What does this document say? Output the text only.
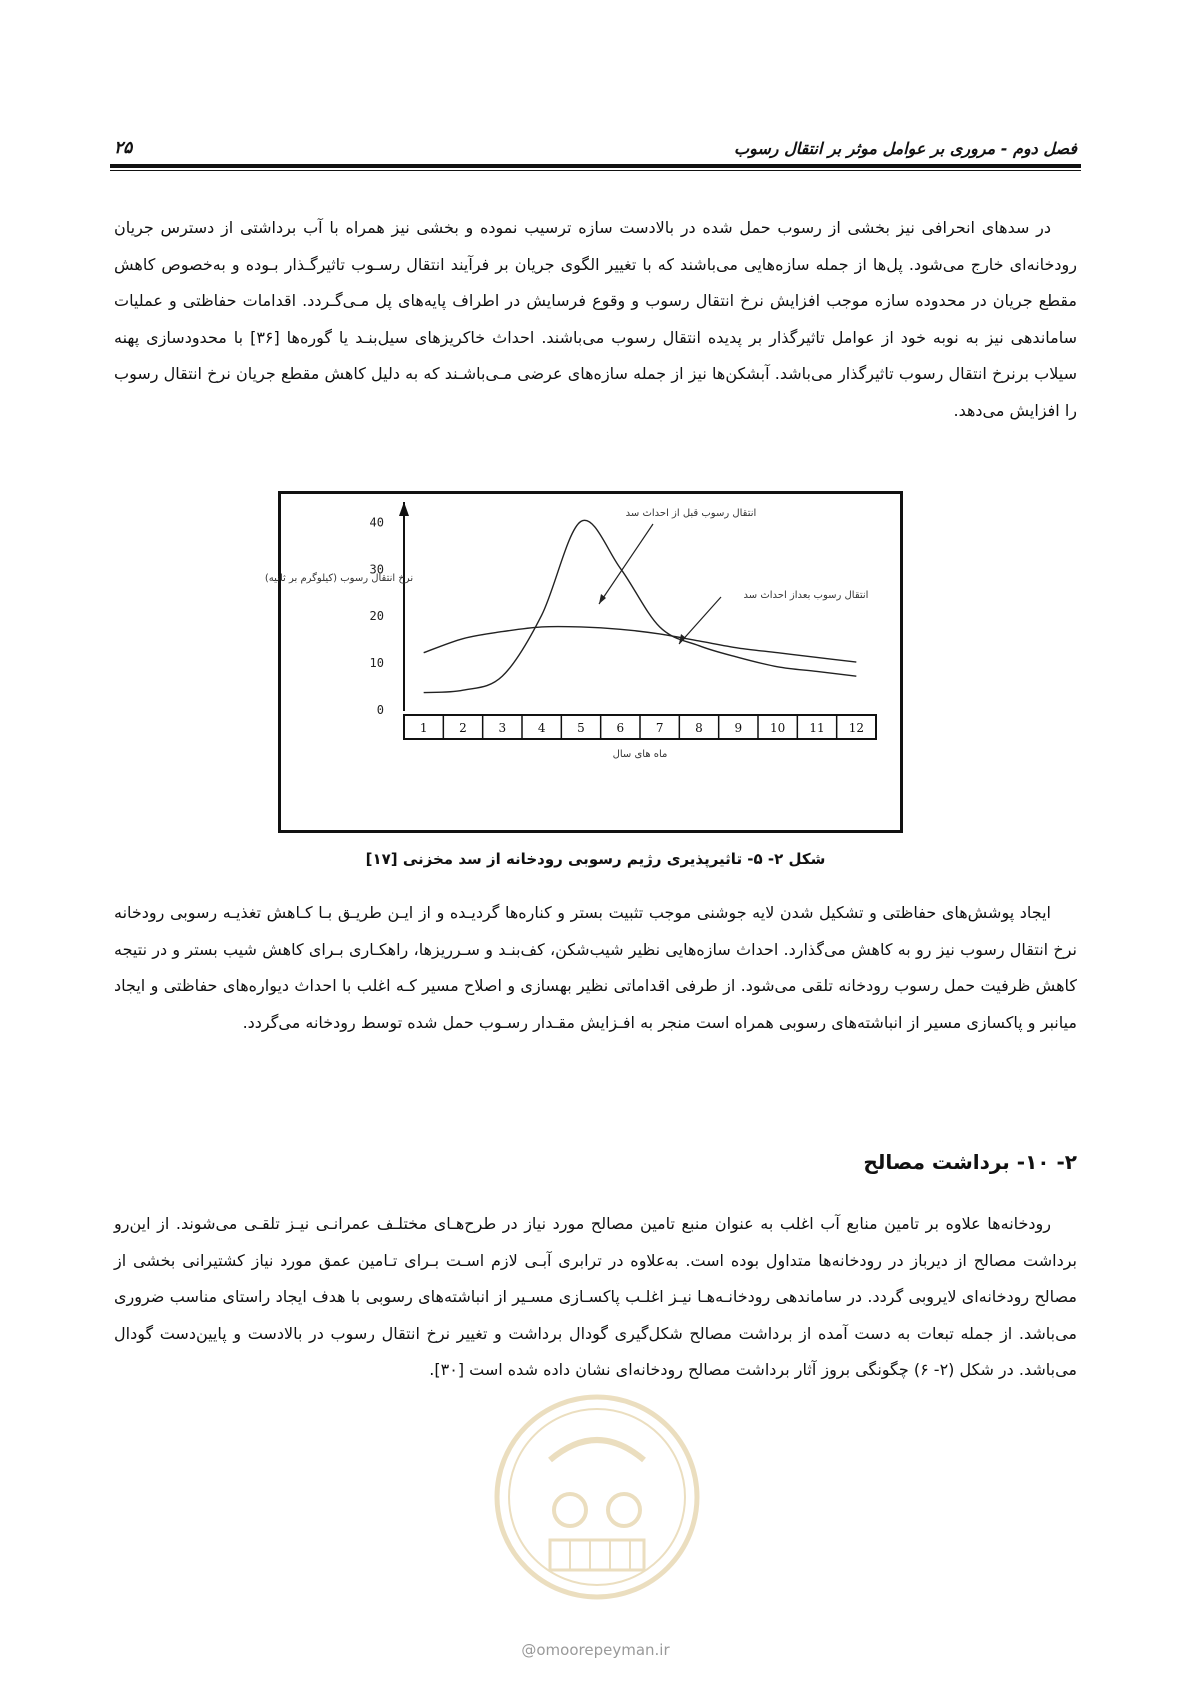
فصل دوم - مروری بر عوامل موثر بر انتقال رسوب
۲۵

در سدهای انحرافی نیز بخشی از رسوب حمل شده در بالادست سازه ترسیب نموده و بخشی نیز همراه با آب برداشتی از دسترس جریان رودخانه‌ای خارج می‌شود. پل‌ها از جمله سازه‌هایی می‌باشند که با تغییر الگوی جریان بر فرآیند انتقال رسـوب تاثیرگـذار بـوده و به‌خصوص کاهش مقطع جریان در محدوده سازه موجب افزایش نرخ انتقال رسوب و وقوع فرسایش در اطراف پایه‌های پل مـی‌گـردد. اقدامات حفاظتی و عملیات ساماندهی نیز به نوبه خود از عوامل تاثیرگذار بر پدیده انتقال رسوب می‌باشند. احداث خاکریزهای سیل‌بنـد یا گوره‌ها [۳۶] با محدودسازی پهنه سیلاب برنرخ انتقال رسوب تاثیرگذار می‌باشد. آبشکن‌ها نیز از جمله سازه‌های عرضی مـی‌باشـند که به دلیل کاهش مقطع جریان نرخ انتقال رسوب را افزایش می‌دهد.

0
10
20
30
40
1	2	3	4	5	6	7	8	9 10 11 12
نرخ انتقال رسوب (کیلوگرم بر ثانیه)
ماه های سال
انتقال رسوب قبل از احداث سد
انتقال رسوب بعداز احداث سد
شکل ۲- ۵- تاثیرپذیری رژیم رسوبی رودخانه از سد مخزنی [۱۷]

ایجاد پوشش‌های حفاظتی و تشکیل شدن لایه جوشنی موجب تثبیت بستر و کناره‌ها گردیـده و از ایـن طریـق بـا کـاهش تغذیـه رسوبی رودخانه نرخ انتقال رسوب نیز رو به کاهش می‌گذارد. احداث سازه‌هایی نظیر شیب‌شکن، کف‌بنـد و سـرریزها، راهکـاری بـرای کاهش شیب بستر و در نتیجه کاهش ظرفیت حمل رسوب رودخانه تلقی می‌شود. از طرفی اقداماتی نظیر بهسازی و اصلاح مسیر کـه اغلب با احداث دیواره‌های حفاظتی و ایجاد میانبر و پاکسازی مسیر از انباشته‌های رسوبی همراه است منجر به افـزایش مقـدار رسـوب حمل شده توسط رودخانه می‌گردد.

۲- ۱۰- برداشت مصالح

رودخانه‌ها علاوه بر تامین منابع آب اغلب به عنوان منبع تامین مصالح مورد نیاز در طرح‌هـای مختلـف عمرانـی نیـز تلقـی می‌شوند. از این‌رو برداشت مصالح از دیرباز در رودخانه‌ها متداول بوده است. به‌علاوه در ترابری آبـی لازم اسـت بـرای تـامین عمق مورد نیاز کشتیرانی بخشی از مصالح رودخانه‌ای لایروبی گردد. در ساماندهی رودخانـه‌هـا نیـز اغلـب پاکسـازی مسـیر از انباشته‌های رسوبی با هدف ایجاد راستای مناسب ضروری می‌باشد. از جمله تبعات به دست آمده از برداشت مصالح شکل‌گیری گودال برداشت و تغییر نرخ انتقال رسوب در بالادست و پایین‌دست گودال می‌باشد. در شکل (۲- ۶) چگونگی بروز آثار برداشت مصالح رودخانه‌ای نشان داده شده است [۳۰].

@omoorepeyman.ir
